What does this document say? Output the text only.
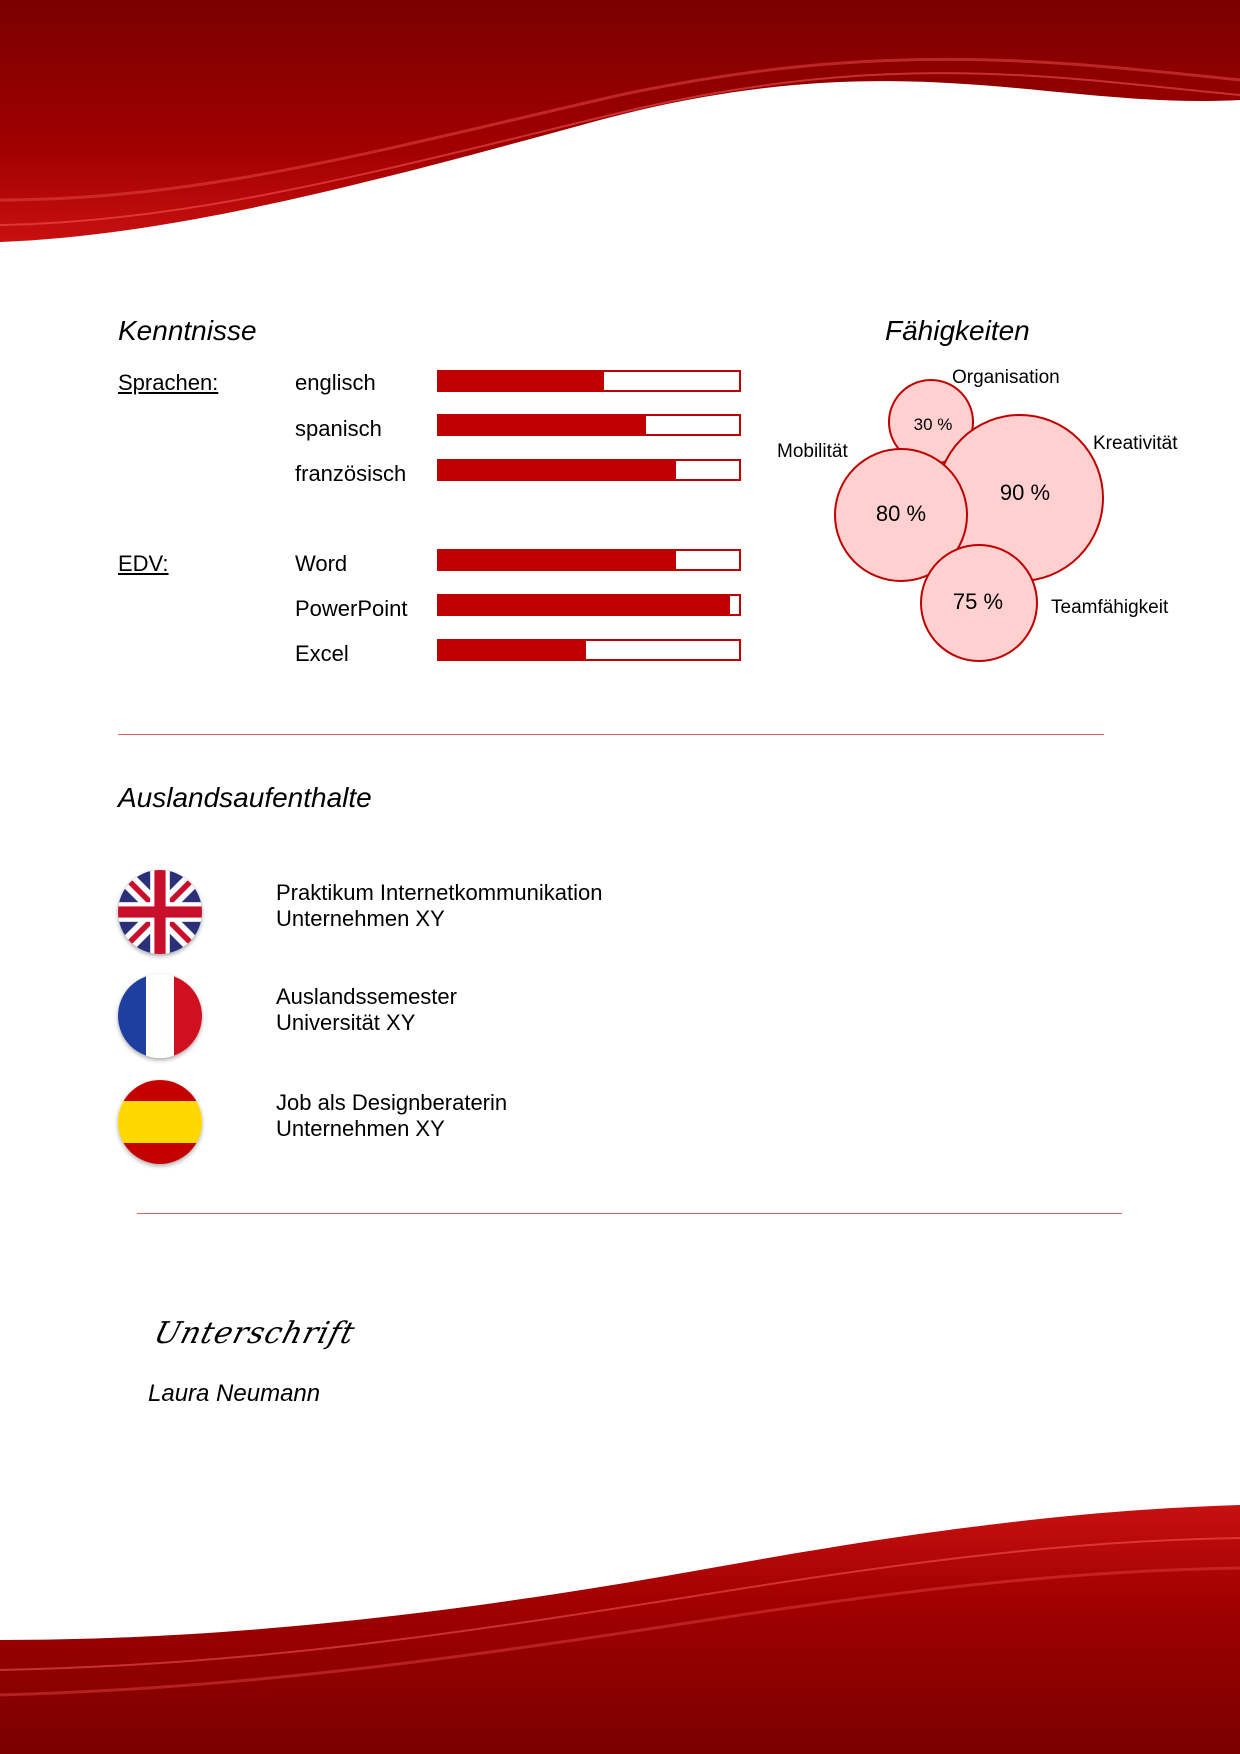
Kenntnisse
Sprachen:	englisch
spanisch
französisch
EDV:	Word
PowerPoint
Excel
Fähigkeiten
30 %
90 %
80 %
75 %
Organisation
Kreativität
Mobilität
Teamfähigkeit
Auslandsaufenthalte
Praktikum Internetkommunikation
Unternehmen XY
Auslandssemester
Universität XY
Job als Designberaterin
Unternehmen XY
Unterschrift
Laura Neumann
